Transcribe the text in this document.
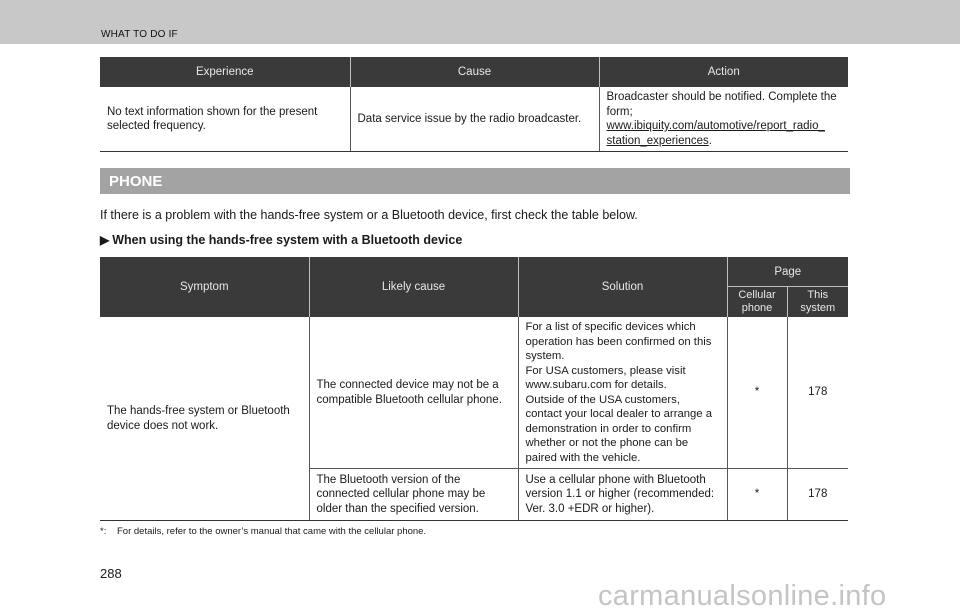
WHAT TO DO IF
Experience	Cause	Action
No text information shown for the present selected frequency.	Data service issue by the radio broadcaster.	Broadcaster should be notified. Complete the form;
www.ibiquity.com/automotive/report_radio_
station_experiences.
PHONE
If there is a problem with the hands-free system or a Bluetooth device, first check the table below.
▶ When using the hands-free system with a Bluetooth device
Symptom	Likely cause	Solution	Page	
			Cellular phone	This system
The hands-free system or Bluetooth device does not work.	The connected device may not be a compatible Bluetooth cellular phone.	For a list of specific devices which operation has been confirmed on this system.
For USA customers, please visit www.subaru.com for details.
Outside of the USA customers, contact your local dealer to arrange a demonstration in order to confirm whether or not the phone can be paired with the vehicle.	*	178
	The Bluetooth version of the connected cellular phone may be older than the specified version.	Use a cellular phone with Bluetooth version 1.1 or higher (recommended: Ver. 3.0 +EDR or higher).	*	178
*: For details, refer to the owner’s manual that came with the cellular phone.
288
carmanualsonline.info
